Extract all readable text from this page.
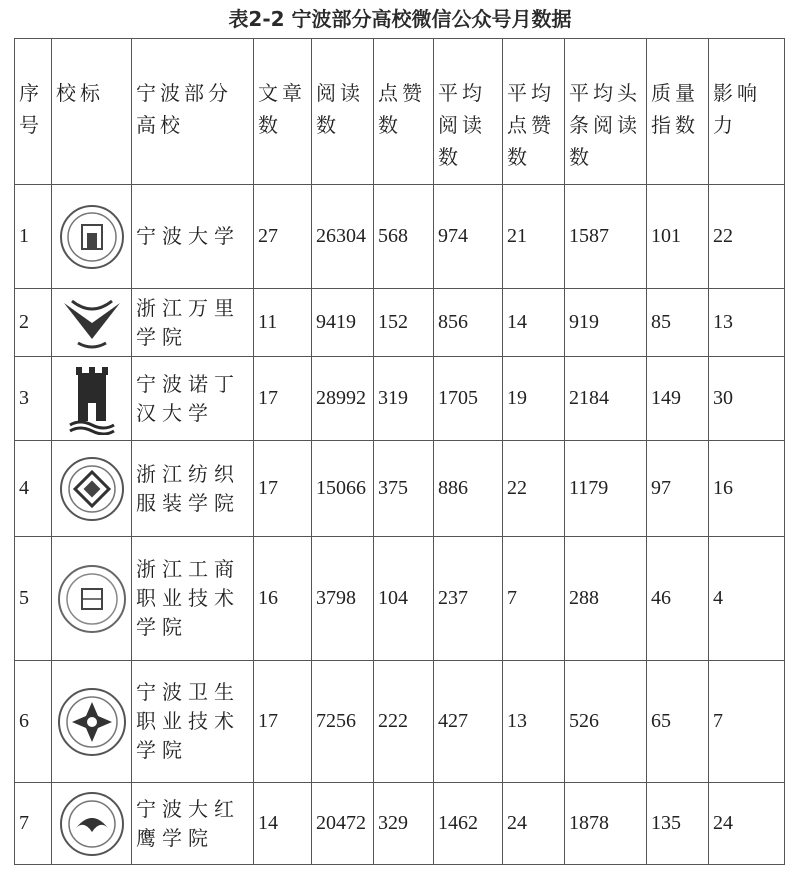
表2-2 宁波部分高校微信公众号月数据
序号	校标	宁波部分高校	文章数	阅读数	点赞数	平均阅读数	平均点赞数	平均头条阅读数	质量指数	影响力
1		宁波大学	27	26304	568	974	21	1587	101	22
2		浙江万里学院	11	9419	152	856	14	919	85	13
3		宁波诺丁汉大学	17	28992	319	1705	19	2184	149	30
4		浙江纺织服装学院	17	15066	375	886	22	1179	97	16
5		浙江工商职业技术学院	16	3798	104	237	7	288	46	4
6		宁波卫生职业技术学院	17	7256	222	427	13	526	65	7
7		宁波大红鹰学院	14	20472	329	1462	24	1878	135	24
